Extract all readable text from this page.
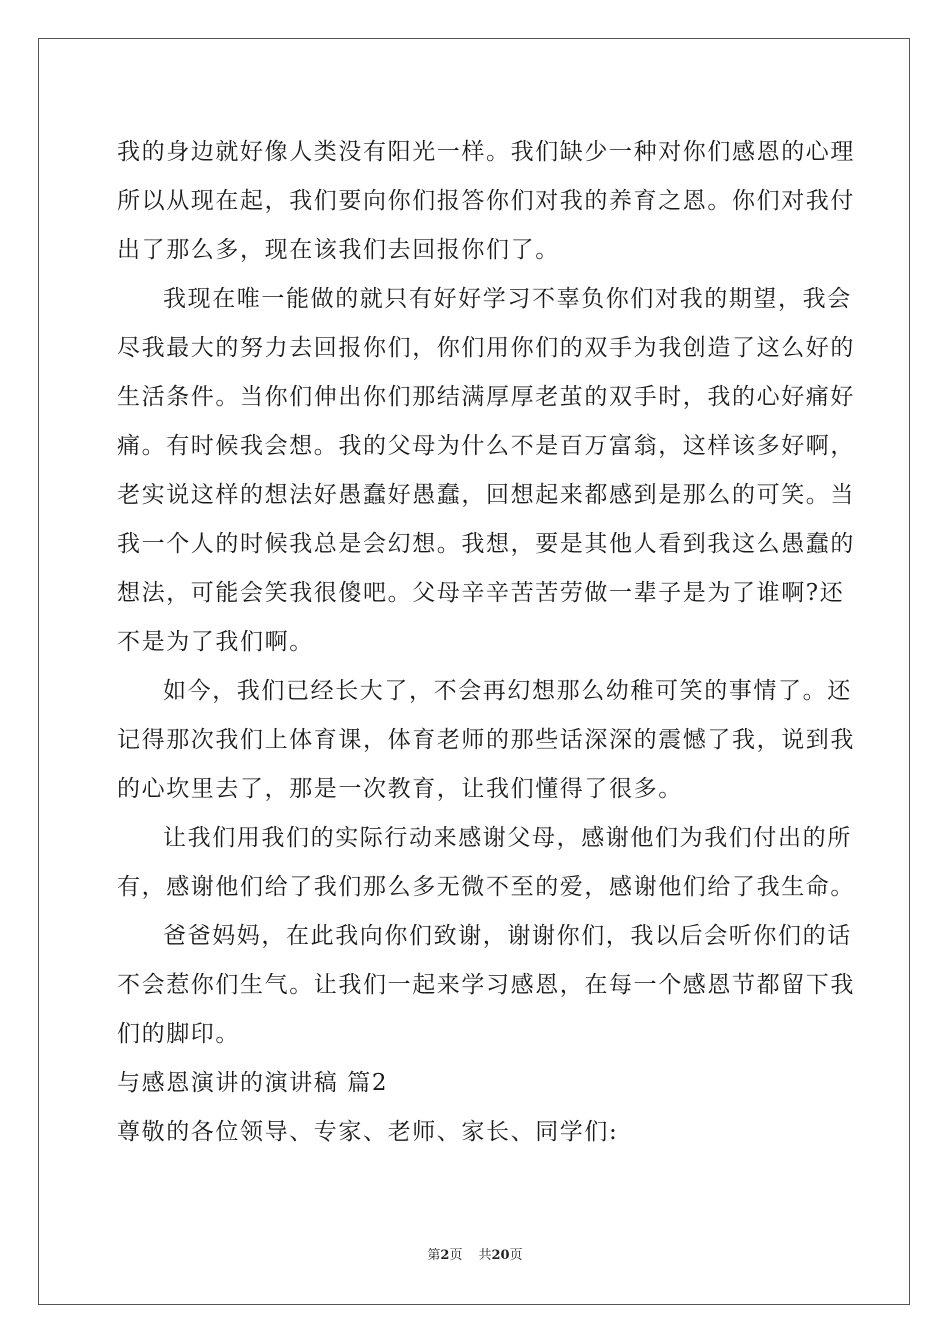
我的身边就好像人类没有阳光一样。我们缺少一种对你们感恩的心理
所以从现在起，我们要向你们报答你们对我的养育之恩。你们对我付
出了那么多，现在该我们去回报你们了。
我现在唯一能做的就只有好好学习不辜负你们对我的期望，我会
尽我最大的努力去回报你们，你们用你们的双手为我创造了这么好的
生活条件。当你们伸出你们那结满厚厚老茧的双手时，我的心好痛好
痛。有时候我会想。我的父母为什么不是百万富翁，这样该多好啊，
老实说这样的想法好愚蠢好愚蠢，回想起来都感到是那么的可笑。当
我一个人的时候我总是会幻想。我想，要是其他人看到我这么愚蠢的
想法，可能会笑我很傻吧。父母辛辛苦苦劳做一辈子是为了谁啊?还
不是为了我们啊。
如今，我们已经长大了，不会再幻想那么幼稚可笑的事情了。还
记得那次我们上体育课，体育老师的那些话深深的震憾了我，说到我
的心坎里去了，那是一次教育，让我们懂得了很多。
让我们用我们的实际行动来感谢父母，感谢他们为我们付出的所
有，感谢他们给了我们那么多无微不至的爱，感谢他们给了我生命。
爸爸妈妈，在此我向你们致谢，谢谢你们，我以后会听你们的话
不会惹你们生气。让我们一起来学习感恩，在每一个感恩节都留下我
们的脚印。
与感恩演讲的演讲稿 篇2
尊敬的各位领导、专家、老师、家长、同学们:
第2页 共20页
